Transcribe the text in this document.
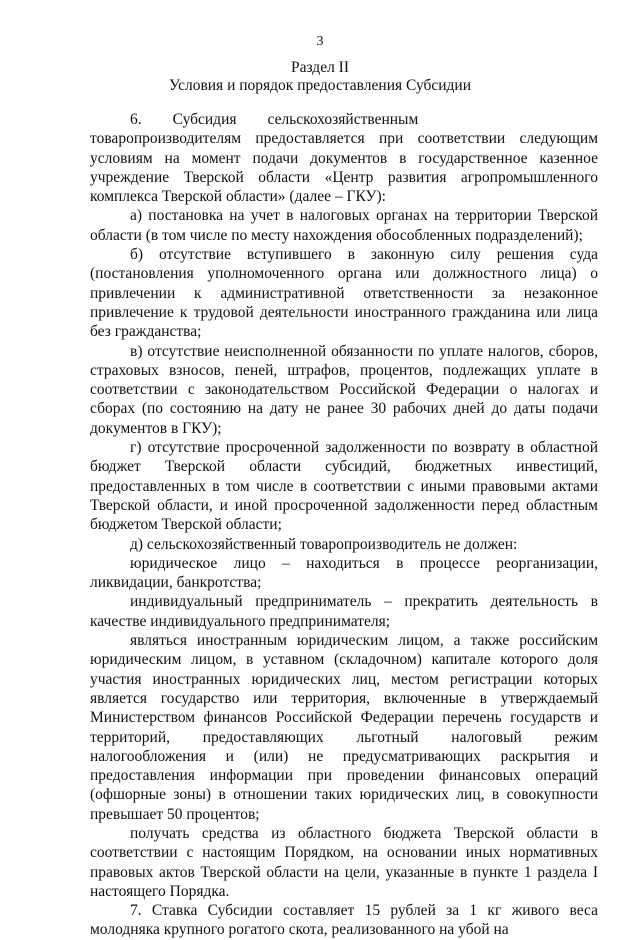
3
Раздел II
Условия и порядок предоставления Субсидии

6.  Субсидия  сельскохозяйственным  товаропроизводителям предоставляется при соответствии следующим условиям на момент подачи документов в государственное казенное учреждение Тверской области «Центр развития агропромышленного комплекса Тверской области» (далее – ГКУ):

а) постановка на учет в налоговых органах на территории Тверской области (в том числе по месту нахождения обособленных подразделений);

б) отсутствие вступившего в законную силу решения суда (постановления уполномоченного органа или должностного лица) о привлечении к административной ответственности за незаконное привлечение к трудовой деятельности иностранного гражданина или лица без гражданства;

в) отсутствие неисполненной обязанности по уплате налогов, сборов, страховых взносов, пеней, штрафов, процентов, подлежащих уплате в соответствии с законодательством Российской Федерации о налогах и сборах (по состоянию на дату не ранее 30 рабочих дней до даты подачи документов в ГКУ);

г) отсутствие просроченной задолженности по возврату в областной бюджет Тверской области субсидий, бюджетных инвестиций, предоставленных в том числе в соответствии с иными правовыми актами Тверской области, и иной просроченной задолженности перед областным бюджетом Тверской области;

д) сельскохозяйственный товаропроизводитель не должен:

юридическое лицо – находиться в процессе реорганизации, ликвидации, банкротства;

индивидуальный предприниматель – прекратить деятельность в качестве индивидуального предпринимателя;

являться иностранным юридическим лицом, а также российским юридическим лицом, в уставном (складочном) капитале которого доля участия иностранных юридических лиц, местом регистрации которых является государство или территория, включенные в утверждаемый Министерством финансов Российской Федерации перечень государств и территорий, предоставляющих льготный налоговый режим налогообложения и (или) не предусматривающих раскрытия и предоставления информации при проведении финансовых операций (офшорные зоны) в отношении таких юридических лиц, в совокупности превышает 50 процентов;

получать средства из областного бюджета Тверской области в соответствии с настоящим Порядком, на основании иных нормативных правовых актов Тверской области на цели, указанные в пункте 1 раздела I настоящего Порядка.

7. Ставка Субсидии составляет 15 рублей за 1 кг живого веса молодняка крупного рогатого скота, реализованного на убой на
